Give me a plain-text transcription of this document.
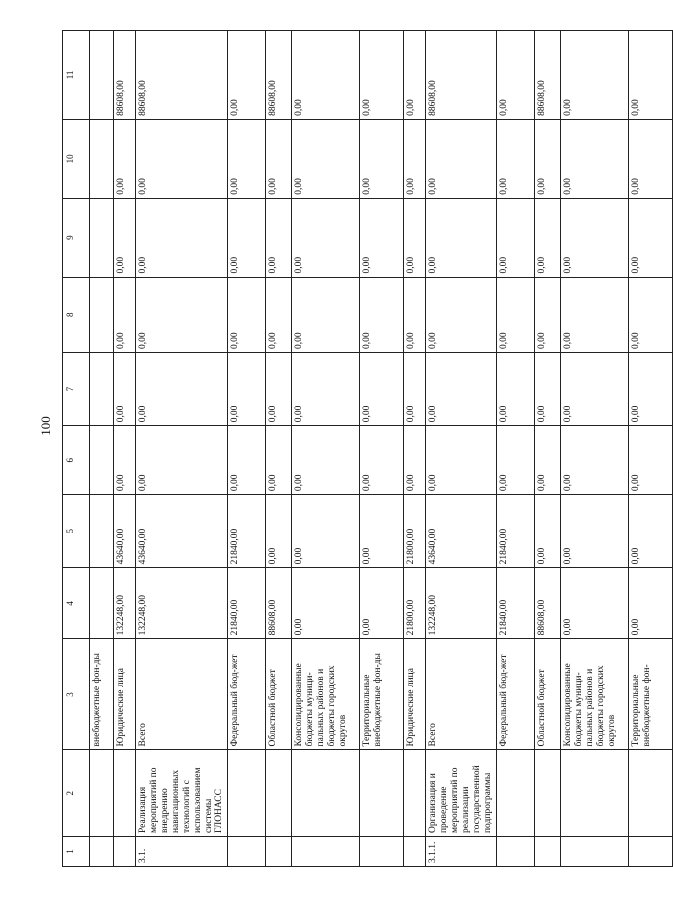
100
1	2	3	4	5	6	7	8	9	10	11
		внебюджетные фон-ды								
		Юридические лица	132248,00	43640,00	0,00	0,00	0,00	0,00	0,00	88608,00
3.1.	Реализация мероприятий по внедрению навигационных технологий с использованием системы ГЛОНАСС	Всего	132248,00	43640,00	0,00	0,00	0,00	0,00	0,00	88608,00
		Федеральный бюд-жет	21840,00	21840,00	0,00	0,00	0,00	0,00	0,00	0,00
		Областной бюджет	88608,00	0,00	0,00	0,00	0,00	0,00	0,00	88608,00
		Консолидированные бюджеты муници-пальных районов и бюджеты городских округов	0,00	0,00	0,00	0,00	0,00	0,00	0,00	0,00
		Территориальные внебюджетные фон-ды	0,00	0,00	0,00	0,00	0,00	0,00	0,00	0,00
		Юридические лица	21800,00	21800,00	0,00	0,00	0,00	0,00	0,00	0,00
3.1.1.	Организация и проведение мероприятий по реализации государственной подпрограммы	Всего	132248,00	43640,00	0,00	0,00	0,00	0,00	0,00	88608,00
		Федеральный бюд-жет	21840,00	21840,00	0,00	0,00	0,00	0,00	0,00	0,00
		Областной бюджет	88608,00	0,00	0,00	0,00	0,00	0,00	0,00	88608,00
		Консолидированные бюджеты муници-пальных районов и бюджеты городских округов	0,00	0,00	0,00	0,00	0,00	0,00	0,00	0,00
		Территориальные внебюджетные фон-	0,00	0,00	0,00	0,00	0,00	0,00	0,00	0,00
